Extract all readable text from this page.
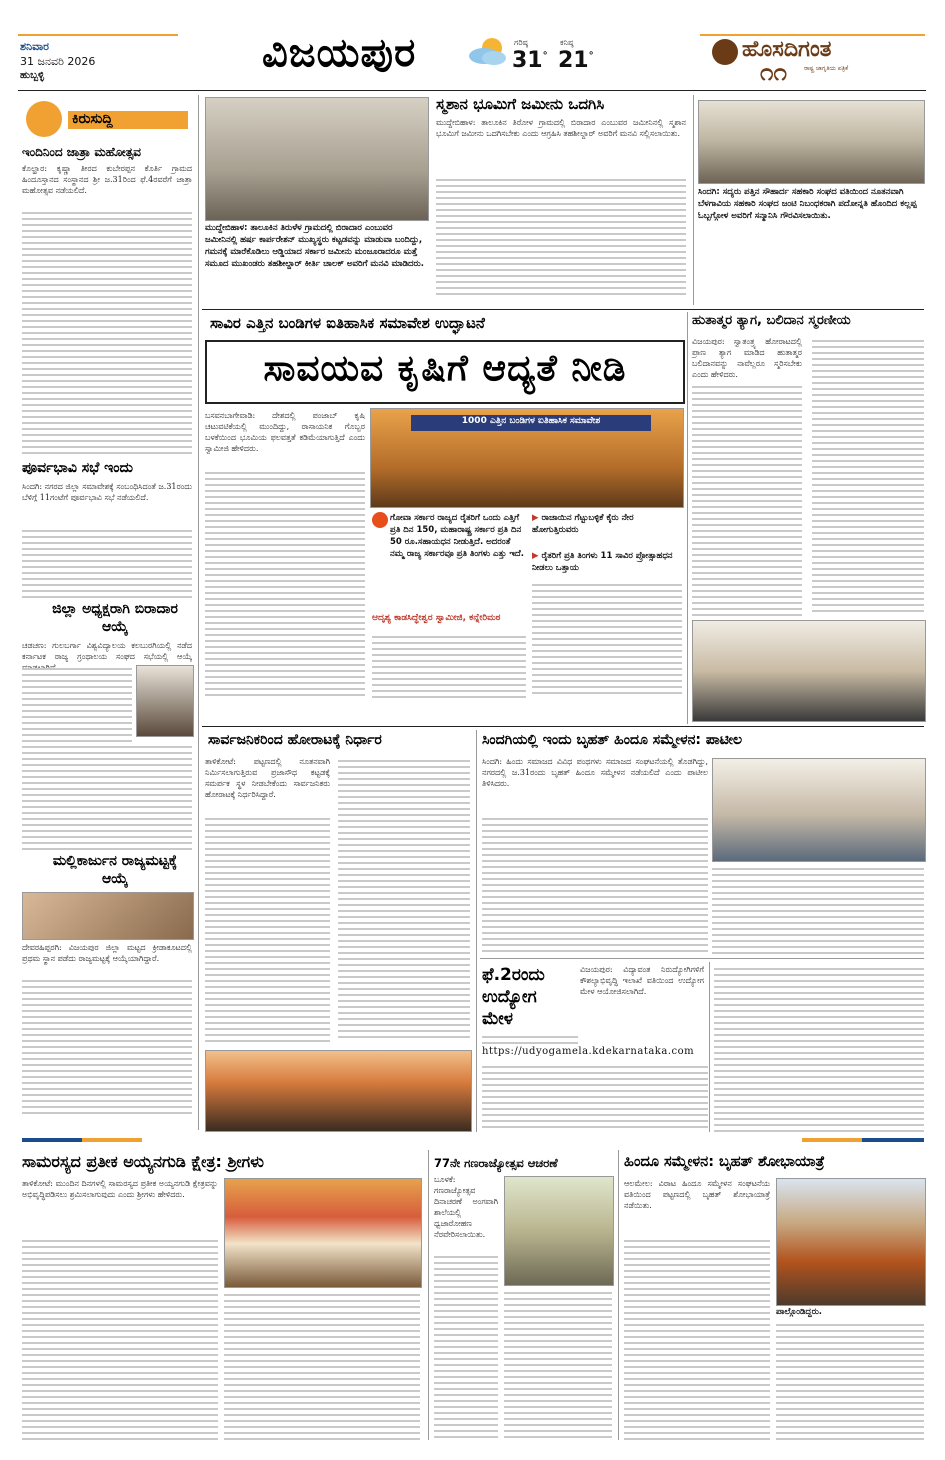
ಶನಿವಾರ
31 ಜನವರಿ 2026
ಹುಬ್ಬಳ್ಳಿ	ವಿಜಯಪುರ	ಗರಿಷ್ಠ
31°
ಕನಿಷ್ಠ
21°	ಹೊಸದಿಗಂತ
ರಾಷ್ಟ್ರ ಜಾಗೃತಿಯ ಪತ್ರಿಕೆ
೧೧
ಕಿರುಸುದ್ದಿ
ಇಂದಿನಿಂದ ಜಾತ್ರಾ ಮಹೋತ್ಸವ
ಕೊಲ್ಹಾರ: ಕೃಷ್ಣಾ ತೀರದ ಕುಬೇರಪ್ಪನ ಕೊರ್ತಿ ಗ್ರಾಮದ ಹಿಂದೂಸ್ತಾನದ ಸಂಸ್ಥಾನದ ಶ್ರೀ ಜ.31ರಿಂದ ಫೆ.4ರವರೆಗೆ ಜಾತ್ರಾ ಮಹೋತ್ಸವ ನಡೆಯಲಿದೆ.
ಪೂರ್ವಭಾವಿ ಸಭೆ ಇಂದು
ಸಿಂದಗಿ: ನಗರದ ಜಿಲ್ಲಾ ಸಮಾವೇಶಕ್ಕೆ ಸಂಬಂಧಿಸಿದಂತೆ ಜ.31ರಂದು ಬೆಳಿಗ್ಗೆ 11ಗಂಟೆಗೆ ಪೂರ್ವಭಾವಿ ಸಭೆ ನಡೆಯಲಿದೆ.
ಜಿಲ್ಲಾ ಅಧ್ಯಕ್ಷರಾಗಿ ಬಿರಾದಾರ ಆಯ್ಕೆ
ಚಡಚಣ: ಗುಲಬರ್ಗಾ ವಿಶ್ವವಿದ್ಯಾಲಯ ಕಲಬುರಗಿಯಲ್ಲಿ ನಡೆದ ಕರ್ನಾಟಕ ರಾಜ್ಯ ಗ್ರಂಥಾಲಯ ಸಂಘದ ಸಭೆಯಲ್ಲಿ ಆಯ್ಕೆ
ಮಲ್ಲಿಕಾರ್ಜುನ ರಾಜ್ಯಮಟ್ಟಕ್ಕೆ ಆಯ್ಕೆ
ದೇವರಹಿಪ್ಪರಗಿ: ವಿಜಯಪುರ ಜಿಲ್ಲಾ ಮಟ್ಟದ ಕ್ರೀಡಾಕೂಟದಲ್ಲಿ ಪ್ರಥಮ ಸ್ಥಾನ ಪಡೆದು ರಾಜ್ಯಮಟ್ಟಕ್ಕೆ ಆಯ್ಕೆಯಾಗಿದ್ದಾರೆ.
ಮುದ್ದೇಬಿಹಾಳ: ತಾಲೂಕಿನ ತಿರುಳೆಳ ಗ್ರಾಮದಲ್ಲಿ ಬಿರಾದಾರ ಎಂಬುವರ ಜಮೀನಿನಲ್ಲಿ ಹರ್ಷ ಕಾರ್ಪರೇಶನ್ ಮುಖ್ಯಸ್ಥರು ಕಟ್ಟಡವನ್ನು ಮಾಡುವಾ ಬಂದಿದ್ದು, ಗಮನಕ್ಕೆ ಮಾರೆಕೊಡಿಲು ಆಡ್ಡಿಯಾದ ಸರ್ಕಾರ ಜಮೀನು ಮಂಜೂರಾದರೂ ಮತ್ತೆ ಸಮೂದ ಮುಖಂಡರು ತಹಶೀಲ್ದಾರ್ ಕೀರ್ತಿ ಚಾಲಕ್ ಅವರಿಗೆ ಮನವಿ ಮಾಡಿದರು.
ಸ್ಮಶಾನ ಭೂಮಿಗೆ ಜಮೀನು ಒದಗಿಸಿ
ಮುದ್ದೇಬಿಹಾಳ: ತಾಲೂಕಿನ ತಿರೋಳ ಗ್ರಾಮದಲ್ಲಿ ಬಿರಾದಾರ ಎಂಬುವರ ಜಮೀನಿನಲ್ಲಿ ಸ್ಮಶಾನ ಭೂಮಿಗೆ ಜಮೀನು ಒದಗಿಸಬೇಕು ಎಂದು ಆಗ್ರಹಿಸಿ ತಹಶೀಲ್ದಾರ್ ಅವರಿಗೆ ಮನವಿ ಸಲ್ಲಿಸಲಾಯಿತು.
ಸಿಂದಗಿ: ಸದ್ಯರು ಪತ್ತಿನ ಸೌಹಾರ್ದ ಸಹಕಾರಿ ಸಂಘದ ವತಿಯಿಂದ ನೂತನವಾಗಿ ಬೆಳಗಾವಿಯ ಸಹಕಾರಿ ಸಂಘದ ಜಂಟಿ ನಿಬಂಧಕರಾಗಿ ಪದೋನ್ನತಿ ಹೊಂದಿದ ಕಲ್ಲಪ್ಪ ಓಬ್ಬಗ್ಗೋಳ ಅವರಿಗೆ ಸನ್ಮಾನಿಸಿ ಗೌರವಿಸಲಾಯಿತು.
ಸಾವಿರ ಎತ್ತಿನ ಬಂಡಿಗಳ ಐತಿಹಾಸಿಕ ಸಮಾವೇಶ ಉದ್ಘಾಟನೆ
ಸಾವಯವ ಕೃಷಿಗೆ ಆದ್ಯತೆ ನೀಡಿ
ಬಸವನಬಾಗೇವಾಡಿ: ದೇಶದಲ್ಲಿ ಪಂಜಾಬ್ ಕೃಷಿ ಚಟುವಟಿಕೆಯಲ್ಲಿ ಮುಂದಿದ್ದು, ರಾಸಾಯನಿಕ ಗೊಬ್ಬರ ಬಳಕೆಯಿಂದ ಭೂಮಿಯ ಫಲವತ್ತತೆ ಕಡಿಮೆಯಾಗುತ್ತಿದೆ ಎಂದು ಸ್ವಾಮೀಜಿ ಹೇಳಿದರು.
1000 ಎತ್ತಿನ ಬಂಡಿಗಳ ಐತಿಹಾಸಿಕ ಸಮಾವೇಶ
ಗೋವಾ ಸರ್ಕಾರ ರಾಜ್ಯದ ರೈತರಿಗೆ ಒಂದು ಎತ್ತಿಗೆ ಪ್ರತಿ ದಿನ 150, ಮಹಾರಾಷ್ಟ್ರ ಸರ್ಕಾರ ಪ್ರತಿ ದಿನ 50 ರೂ.ಸಹಾಯಧನ ನೀಡುತ್ತಿದೆ. ಅದರಂತೆ ನಮ್ಮ ರಾಜ್ಯ ಸರ್ಕಾರವೂ ಪ್ರತಿ ತಿಂಗಳು ಎತ್ತು ಇದೆ.
ಆದೃಶ್ಯ ಕಾಡಸಿದ್ಧೇಶ್ವರ ಸ್ವಾಮೀಜಿ, ಕನ್ನೇರಿಮಠ
▶ ರಾಜಾಯಿನ ಗೆಟ್ಟುಬಳ್ಳಿಕೆ ಕೈರು ನೇರ ಹೋಗುತ್ತಿರುವರು
▶ ರೈತರಿಗೆ ಪ್ರತಿ ತಿಂಗಳು 11 ಸಾವಿರ ಪ್ರೋತ್ಸಾಹಧನ ನೀಡಲು ಒತ್ತಾಯ
ಹುತಾತ್ಮರ ತ್ಯಾಗ, ಬಲಿದಾನ ಸ್ಮರಣೀಯ
ವಿಜಯಪುರ: ಸ್ವಾತಂತ್ರ್ಯ ಹೋರಾಟದಲ್ಲಿ ಪ್ರಾಣ ತ್ಯಾಗ ಮಾಡಿದ ಹುತಾತ್ಮರ ಬಲಿದಾನವನ್ನು ನಾವೆಲ್ಲರೂ ಸ್ಮರಿಸಬೇಕು ಎಂದು ಹೇಳಿದರು.
ಸಾರ್ವಜನಿಕರಿಂದ ಹೋರಾಟಕ್ಕೆ ನಿರ್ಧಾರ
ತಾಳಿಕೋಟೆ: ಪಟ್ಟಣದಲ್ಲಿ ನೂತನವಾಗಿ ನಿರ್ಮಿಸಲಾಗುತ್ತಿರುವ ಪ್ರಜಾಸೌಧ ಕಟ್ಟಡಕ್ಕೆ ಸಮರ್ಪಕ ಸ್ಥಳ ನೀಡಬೇಕೆಂದು ಸಾರ್ವಜನಿಕರು ಹೋರಾಟಕ್ಕೆ ನಿರ್ಧರಿಸಿದ್ದಾರೆ.
ಸಿಂದಗಿಯಲ್ಲಿ ಇಂದು ಬೃಹತ್ ಹಿಂದೂ ಸಮ್ಮೇಳನ: ಪಾಟೀಲ
ಸಿಂದಗಿ: ಹಿಂದು ಸಮಾಜದ ವಿವಿಧ ಪಂಥಗಳು ಸಮಾಜದ ಸಂಘಟನೆಯಲ್ಲಿ ತೊಡಗಿದ್ದು, ನಗರದಲ್ಲಿ ಜ.31ರಂದು ಬೃಹತ್ ಹಿಂದೂ ಸಮ್ಮೇಳನ ನಡೆಯಲಿದೆ ಎಂದು ಪಾಟೀಲ ತಿಳಿಸಿದರು.
ಫೆ.2ರಂದು ಉದ್ಯೋಗ ಮೇಳ
ವಿಜಯಪುರ: ವಿದ್ಯಾವಂತ ನಿರುದ್ಯೋಗಿಗಳಿಗೆ ಕೌಶಲ್ಯಾಭಿವೃದ್ಧಿ ಇಲಾಖೆ ವತಿಯಿಂದ ಉದ್ಯೋಗ ಮೇಳ ಆಯೋಜಿಸಲಾಗಿದೆ.
https://udyogamela.kdekarnataka.com
ಸಾಮರಸ್ಯದ ಪ್ರತೀಕ ಅಯ್ಯನಗುಡಿ ಕ್ಷೇತ್ರ: ಶ್ರೀಗಳು
ತಾಳಿಕೋಟೆ: ಮುಂದಿನ ದಿನಗಳಲ್ಲಿ ಸಾಮರಸ್ಯದ ಪ್ರತೀಕ ಅಯ್ಯನಗುಡಿ ಕ್ಷೇತ್ರವನ್ನು ಅಭಿವೃದ್ಧಿಪಡಿಸಲು ಶ್ರಮಿಸಲಾಗುವುದು ಎಂದು ಶ್ರೀಗಳು ಹೇಳಿದರು.
77ನೇ ಗಣರಾಜ್ಯೋತ್ಸವ ಆಚರಣೆ
ಬೂಳಕೆ: ಗಣರಾಜ್ಯೋತ್ಸವ ದಿನಾಚರಣೆ ಅಂಗವಾಗಿ ಶಾಲೆಯಲ್ಲಿ ಧ್ವಜಾರೋಹಣ ನೆರವೇರಿಸಲಾಯಿತು.
ಹಿಂದೂ ಸಮ್ಮೇಳನ: ಬೃಹತ್ ಶೋಭಾಯಾತ್ರೆ
ಆಲಮೇಲ: ವಿರಾಟ ಹಿಂದೂ ಸಮ್ಮೇಳನ ಸಂಘಟನೆಯ ವತಿಯಿಂದ ಪಟ್ಟಣದಲ್ಲಿ ಬೃಹತ್ ಶೋಭಾಯಾತ್ರೆ ನಡೆಯಿತು.
ಪಾಲ್ಗೊಂಡಿದ್ದರು.
